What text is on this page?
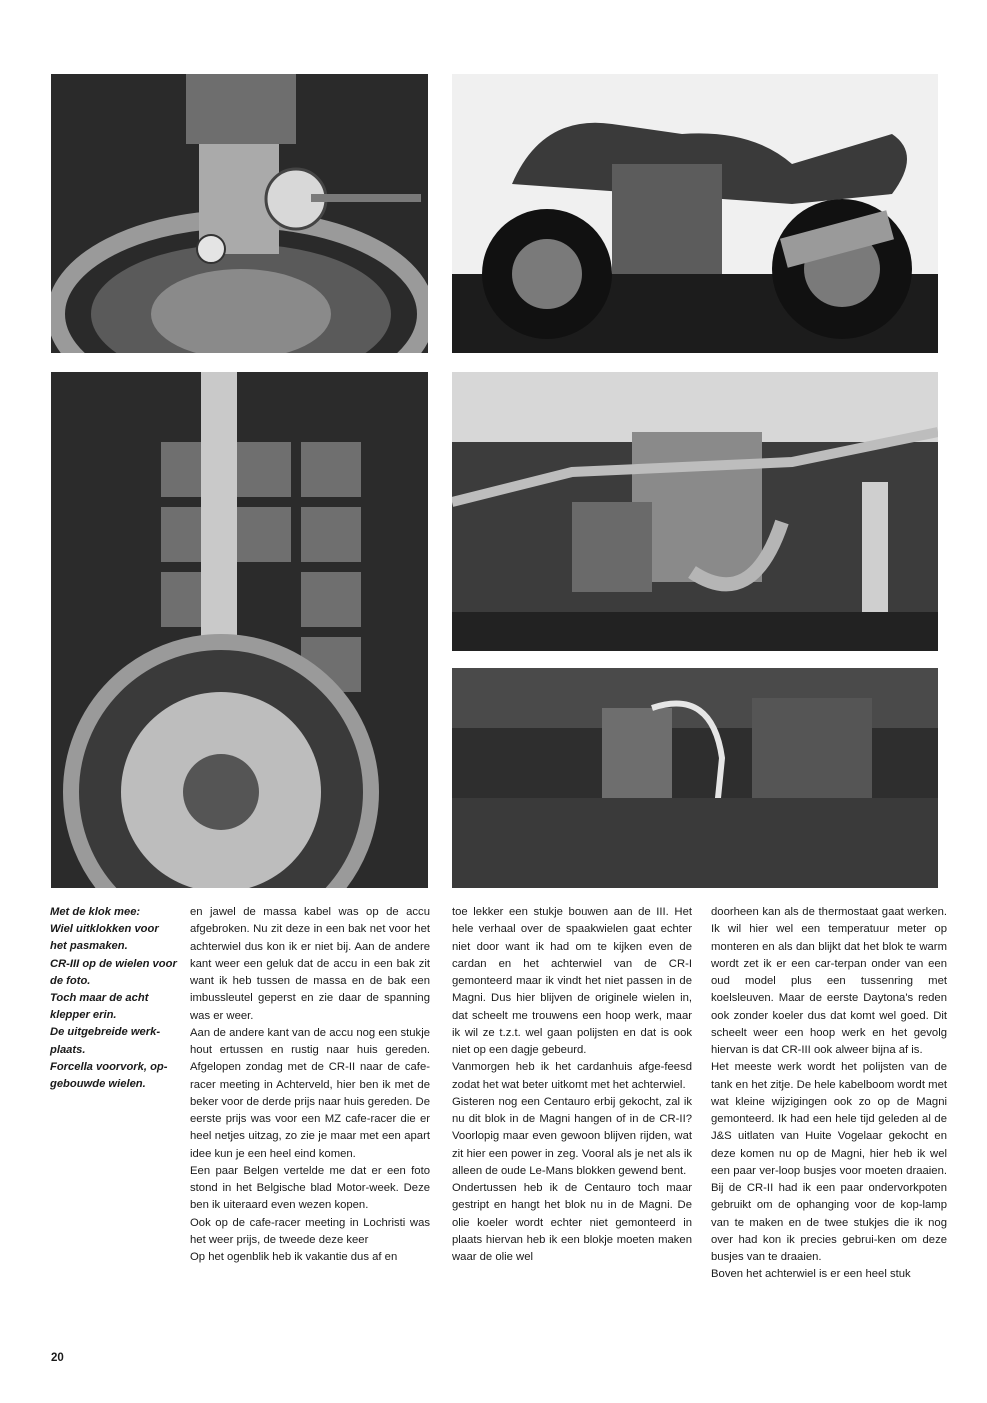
Met de klok mee:

Wiel uitklokken voor het pasmaken.

CR-III op de wielen voor de foto.

Toch maar de acht klepper erin.

De uitgebreide werk-plaats.

Forcella voorvork, op-gebouwde wielen.

en jawel de massa kabel was op de accu afgebroken. Nu zit deze in een bak net voor het achterwiel dus kon ik er niet bij. Aan de andere kant weer een geluk dat de accu in een bak zit want ik heb tussen de massa en de bak een imbussleutel geperst en zie daar de spanning was er weer.

Aan de andere kant van de accu nog een stukje hout ertussen en rustig naar huis gereden. Afgelopen zondag met de CR-II naar de cafe-racer meeting in Achterveld, hier ben ik met de beker voor de derde prijs naar huis gereden. De eerste prijs was voor een MZ cafe-racer die er heel netjes uitzag, zo zie je maar met een apart idee kun je een heel eind komen.

Een paar Belgen vertelde me dat er een foto stond in het Belgische blad Motor-week. Deze ben ik uiteraard even wezen kopen.

Ook op de cafe-racer meeting in Lochristi was het weer prijs, de tweede deze keer

Op het ogenblik heb ik vakantie dus af en

toe lekker een stukje bouwen aan de III. Het hele verhaal over de spaakwielen gaat echter niet door want ik had om te kijken even de cardan en het achterwiel van de CR-I gemonteerd maar ik vindt het niet passen in de Magni. Dus hier blijven de originele wielen in, dat scheelt me trouwens een hoop werk, maar ik wil ze t.z.t. wel gaan polijsten en dat is ook niet op een dagje gebeurd.

Vanmorgen heb ik het cardanhuis afge-feesd zodat het wat beter uitkomt met het achterwiel.

Gisteren nog een Centauro erbij gekocht, zal ik nu dit blok in de Magni hangen of in de CR-II? Voorlopig maar even gewoon blijven rijden, wat zit hier een power in zeg. Vooral als je net als ik alleen de oude Le-Mans blokken gewend bent.

Ondertussen heb ik de Centauro toch maar gestript en hangt het blok nu in de Magni. De olie koeler wordt echter niet gemonteerd in plaats hiervan heb ik een blokje moeten maken waar de olie wel

doorheen kan als de thermostaat gaat werken. Ik wil hier wel een temperatuur meter op monteren en als dan blijkt dat het blok te warm wordt zet ik er een car-terpan onder van een oud model plus een tussenring met koelsleuven. Maar de eerste Daytona's reden ook zonder koeler dus dat komt wel goed. Dit scheelt weer een hoop werk en het gevolg hiervan is dat CR-III ook alweer bijna af is.

Het meeste werk wordt het polijsten van de tank en het zitje. De hele kabelboom wordt met wat kleine wijzigingen ook zo op de Magni gemonteerd. Ik had een hele tijd geleden al de J&S uitlaten van Huite Vogelaar gekocht en deze komen nu op de Magni, hier heb ik wel een paar ver-loop busjes voor moeten draaien. Bij de CR-II had ik een paar ondervorkpoten gebruikt om de ophanging voor de kop-lamp van te maken en de twee stukjes die ik nog over had kon ik precies gebrui-ken om deze busjes van te draaien.

Boven het achterwiel is er een heel stuk

20
